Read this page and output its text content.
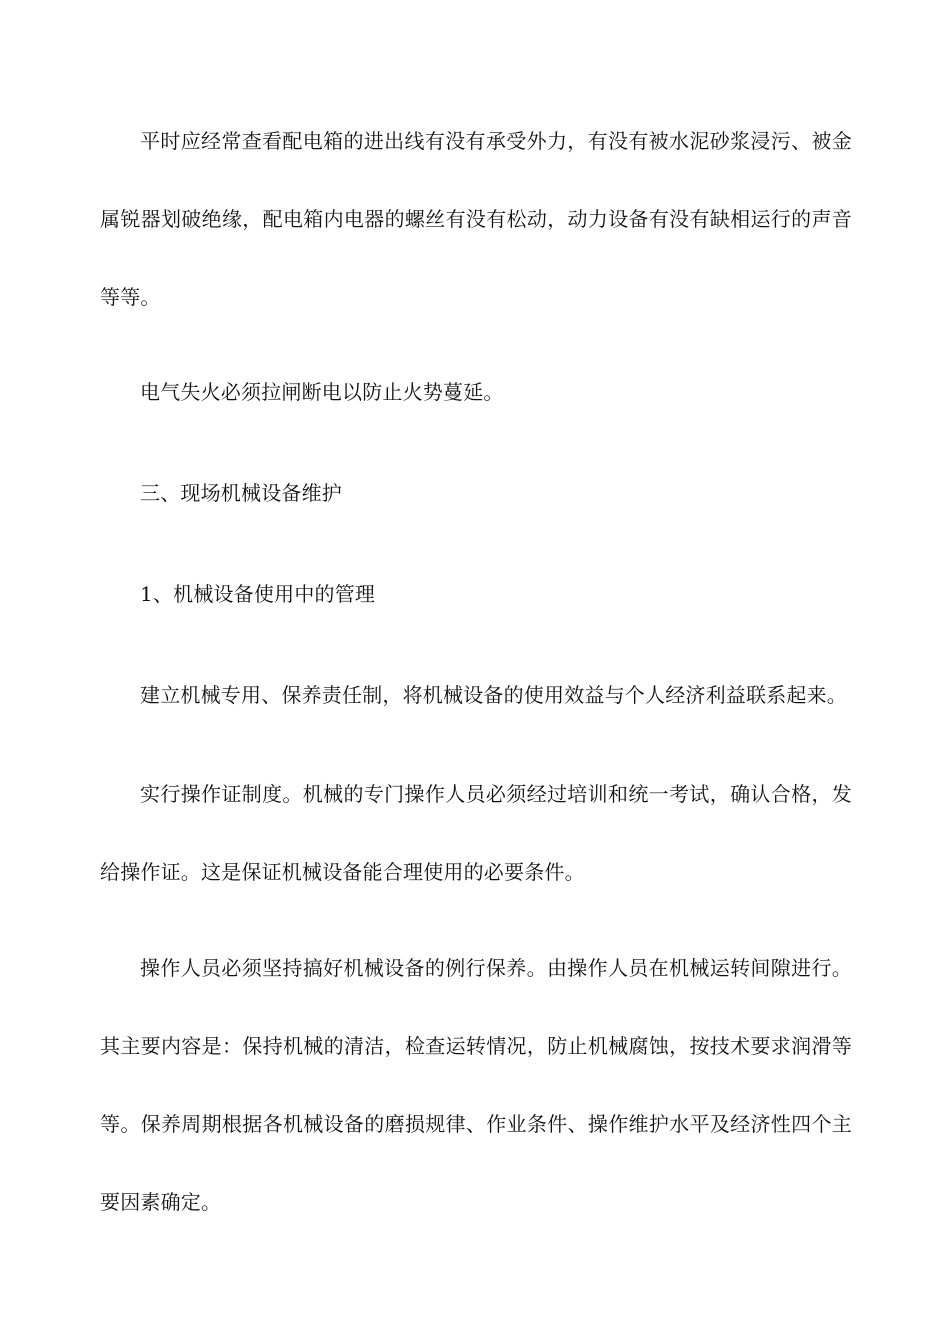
平时应经常查看配电箱的进出线有没有承受外力，有没有被水泥砂浆浸污、被金属锐器划破绝缘，配电箱内电器的螺丝有没有松动，动力设备有没有缺相运行的声音等等。

电气失火必须拉闸断电以防止火势蔓延。

三、现场机械设备维护

1、机械设备使用中的管理

建立机械专用、保养责任制，将机械设备的使用效益与个人经济利益联系起来。

实行操作证制度。机械的专门操作人员必须经过培训和统一考试，确认合格，发给操作证。这是保证机械设备能合理使用的必要条件。

操作人员必须坚持搞好机械设备的例行保养。由操作人员在机械运转间隙进行。其主要内容是：保持机械的清洁，检查运转情况，防止机械腐蚀，按技术要求润滑等等。保养周期根据各机械设备的磨损规律、作业条件、操作维护水平及经济性四个主要因素确定。
